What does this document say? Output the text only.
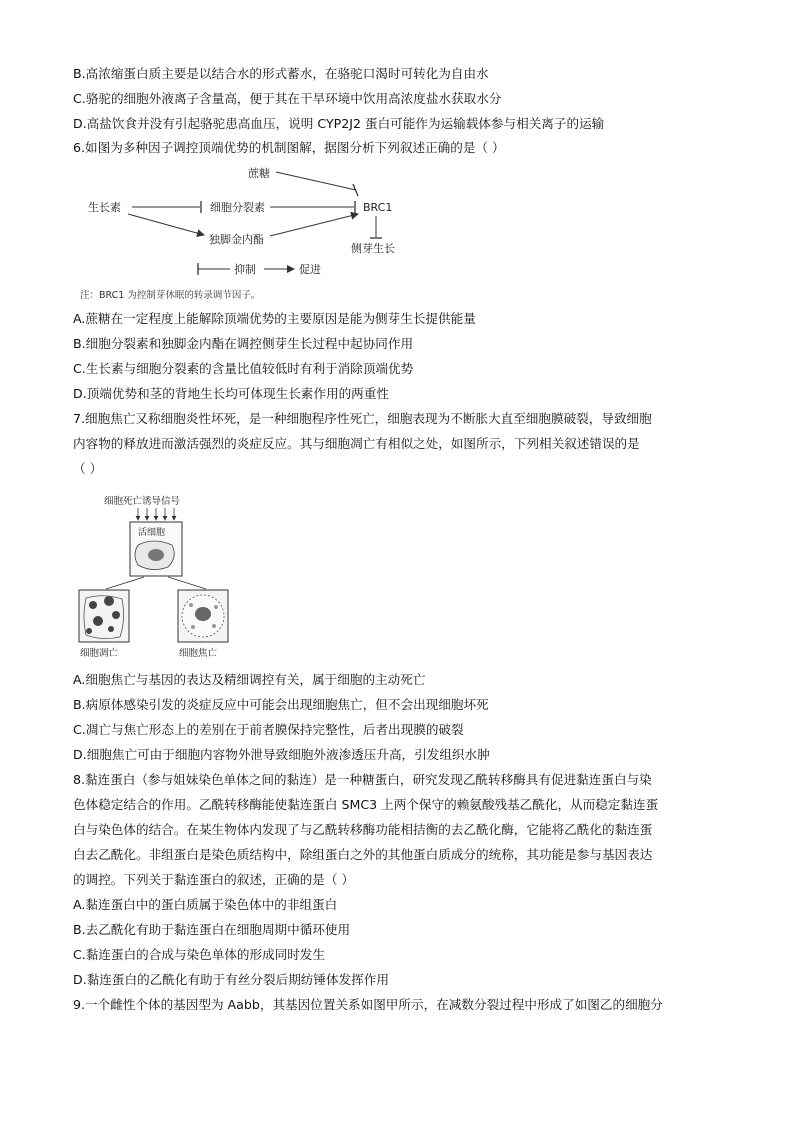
B.高浓缩蛋白质主要是以结合水的形式蓄水，在骆驼口渴时可转化为自由水
C.骆驼的细胞外液离子含量高，便于其在干旱环境中饮用高浓度盐水获取水分
D.高盐饮食并没有引起骆驼患高血压，说明 CYP2J2 蛋白可能作为运输载体参与相关离子的运输
6.如图为多种因子调控顶端优势的机制图解，据图分析下列叙述正确的是（ ）
蔗糖
生长素	细胞分裂素	BRC1
独脚金内酯
侧芽生长
抑制	促进
注：BRC1 为控制芽休眠的转录调节因子。
A.蔗糖在一定程度上能解除顶端优势的主要原因是能为侧芽生长提供能量
B.细胞分裂素和独脚金内酯在调控侧芽生长过程中起协同作用
C.生长素与细胞分裂素的含量比值较低时有利于消除顶端优势
D.顶端优势和茎的背地生长均可体现生长素作用的两重性
7.细胞焦亡又称细胞炎性坏死，是一种细胞程序性死亡，细胞表现为不断胀大直至细胞膜破裂，导致细胞
内容物的释放进而激活强烈的炎症反应。其与细胞凋亡有相似之处，如图所示，下列相关叙述错误的是
（ ）
细胞死亡诱导信号
活细胞
细胞凋亡	细胞焦亡
A.细胞焦亡与基因的表达及精细调控有关，属于细胞的主动死亡
B.病原体感染引发的炎症反应中可能会出现细胞焦亡，但不会出现细胞坏死
C.凋亡与焦亡形态上的差别在于前者膜保持完整性，后者出现膜的破裂
D.细胞焦亡可由于细胞内容物外泄导致细胞外液渗透压升高，引发组织水肿
8.黏连蛋白（参与姐妹染色单体之间的黏连）是一种糖蛋白，研究发现乙酰转移酶具有促进黏连蛋白与染
色体稳定结合的作用。乙酰转移酶能使黏连蛋白 SMC3 上两个保守的赖氨酸残基乙酰化，从而稳定黏连蛋
白与染色体的结合。在某生物体内发现了与乙酰转移酶功能相拮衡的去乙酰化酶，它能将乙酰化的黏连蛋
白去乙酰化。非组蛋白是染色质结构中，除组蛋白之外的其他蛋白质成分的统称，其功能是参与基因表达
的调控。下列关于黏连蛋白的叙述，正确的是（ ）
A.黏连蛋白中的蛋白质属于染色体中的非组蛋白
B.去乙酰化有助于黏连蛋白在细胞周期中循环使用
C.黏连蛋白的合成与染色单体的形成同时发生
D.黏连蛋白的乙酰化有助于有丝分裂后期纺锤体发挥作用
9.一个雌性个体的基因型为 Aabb，其基因位置关系如图甲所示，在减数分裂过程中形成了如图乙的细胞分
